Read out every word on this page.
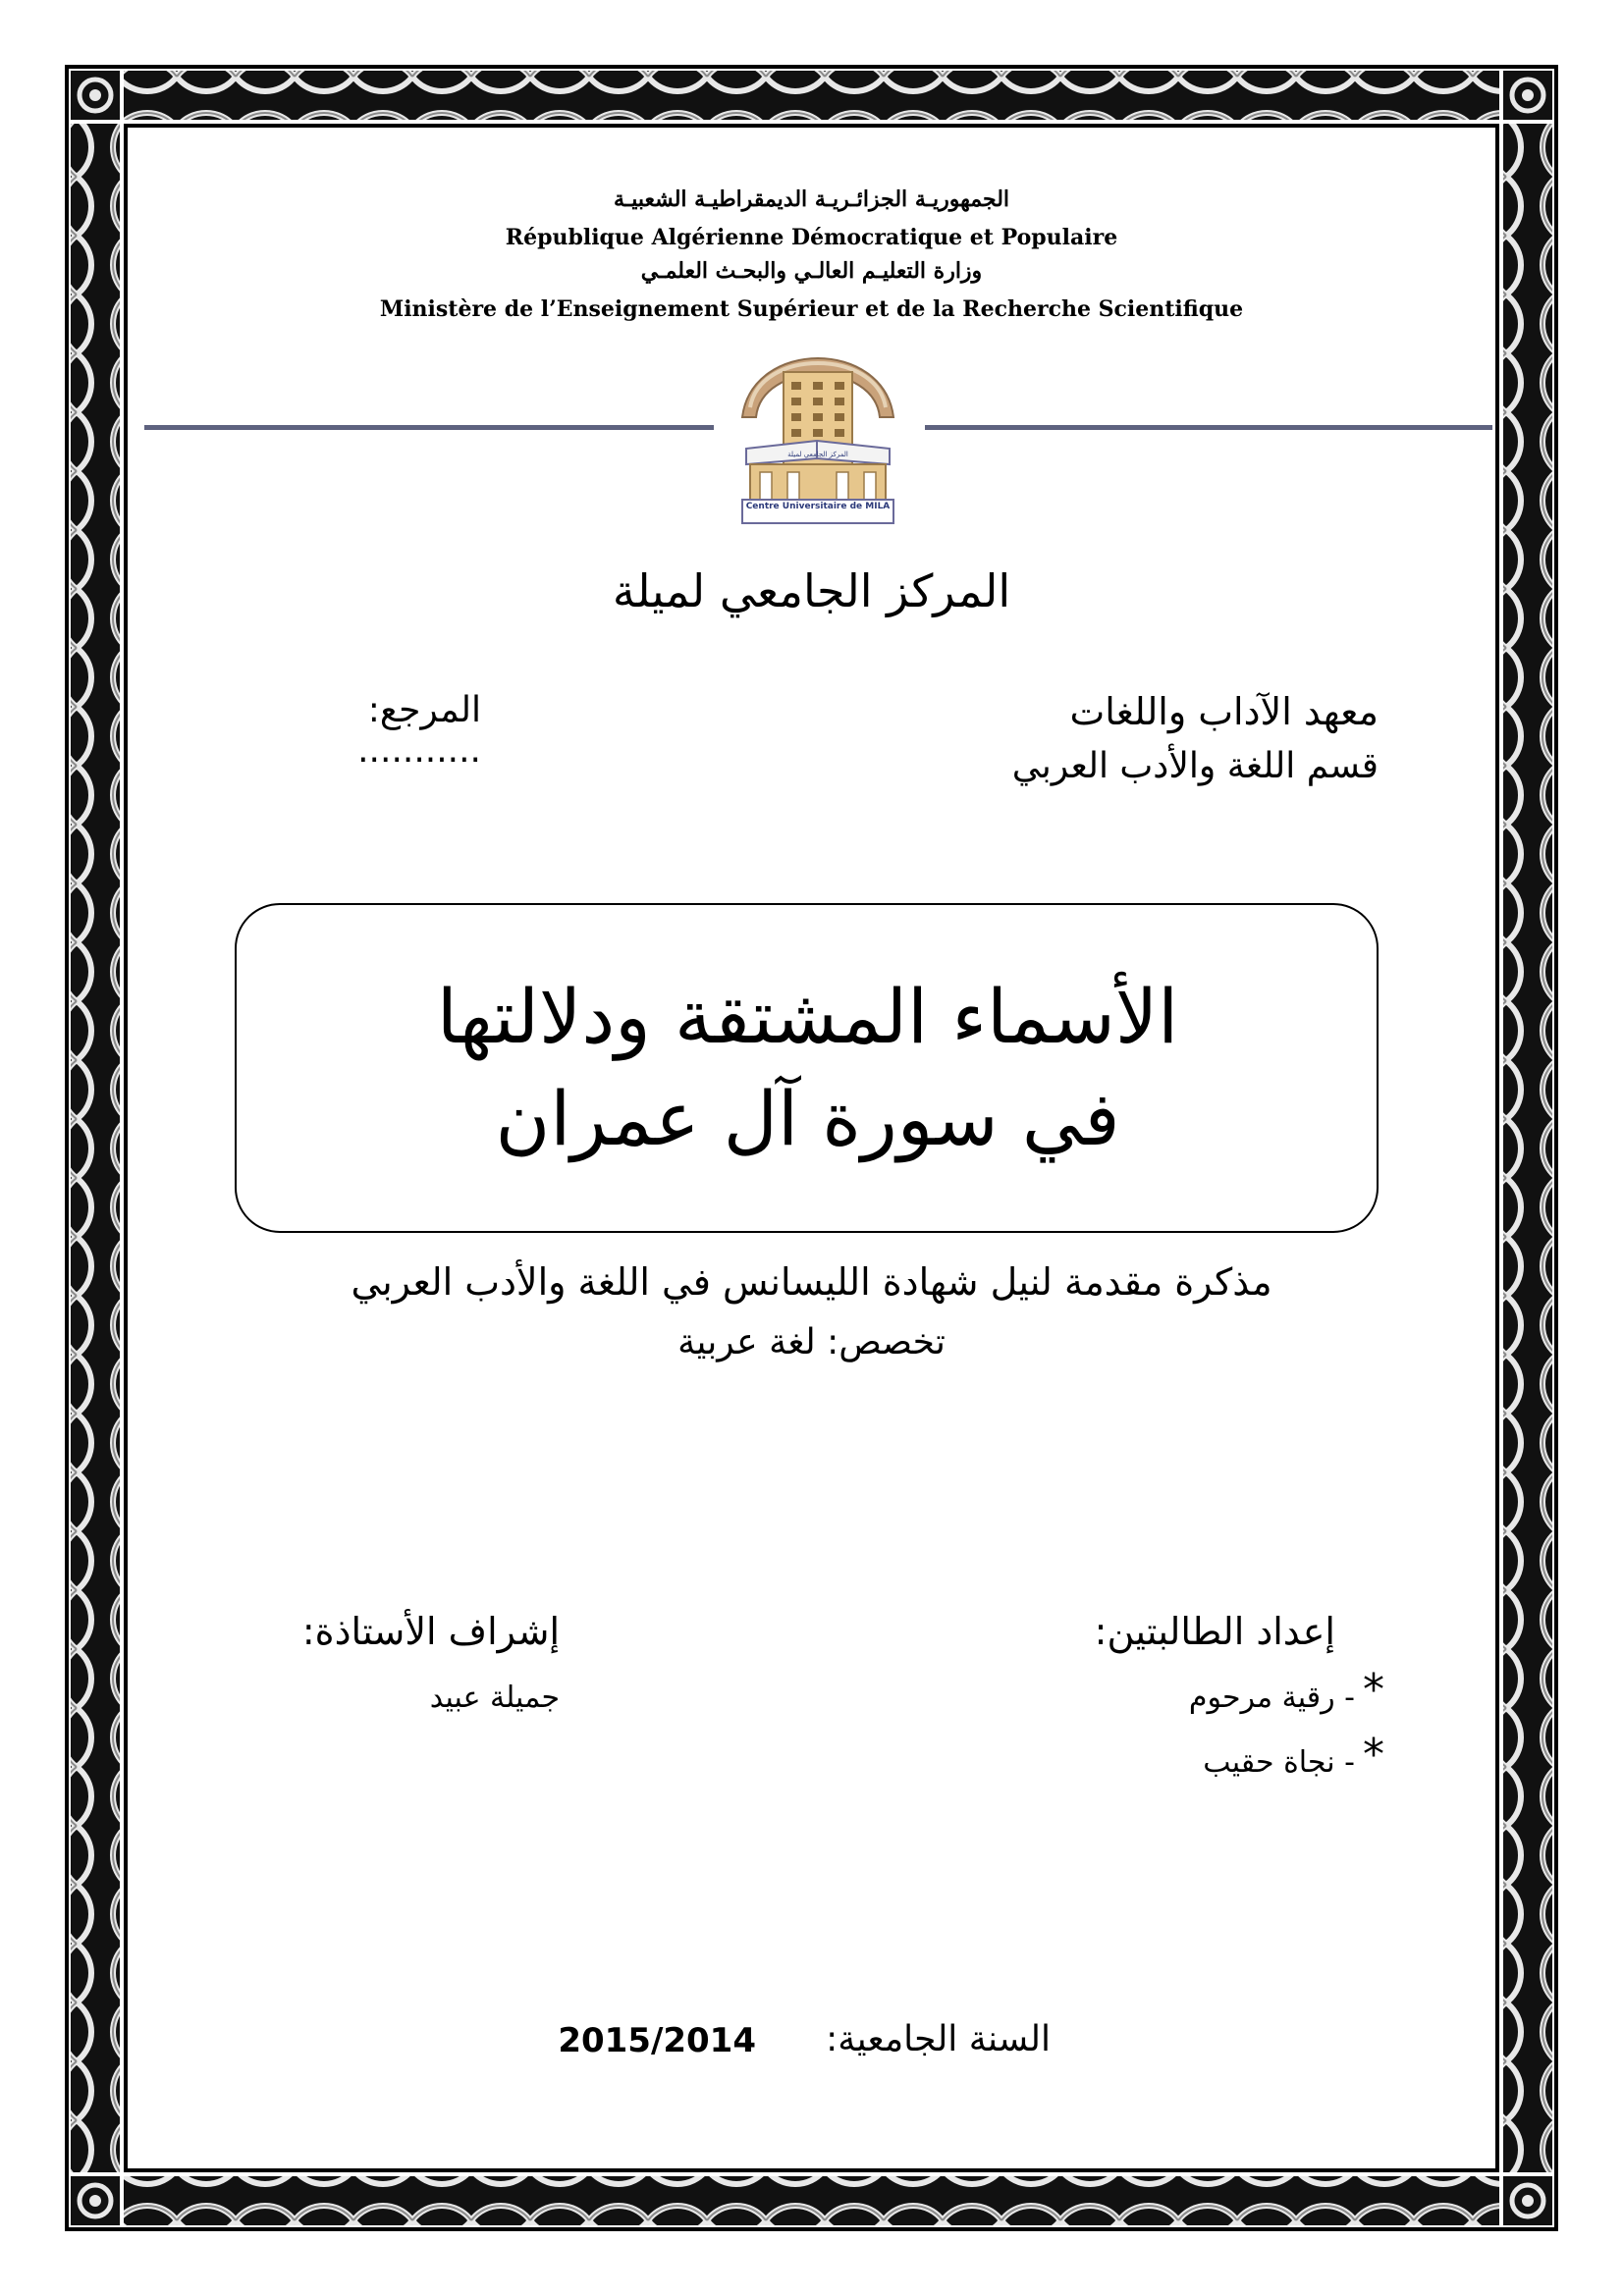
الجمهوريـة الجزائـريـة الديمقراطيـة الشعبيـة
République Algérienne Démocratique et Populaire
وزارة التعليـم العالـي والبحـث العلمـي
Ministère de l’Enseignement Supérieur et de la Recherche Scientifique
Centre Universitaire de MILA
المركز الجامعي لميلة
المركز الجامعي لميلة
معهد الآداب واللغات
قسم اللغة والأدب العربي
المرجع: ...........
الأسماء المشتقة ودلالتها
في سورة آل عمران
مذكرة مقدمة لنيل شهادة الليسانس في اللغة والأدب العربي
تخصص: لغة عربية
إعداد الطالبتين:
*
- رقية مرحوم
*
- نجاة حقيب
إشراف الأستاذة:
جميلة عبيد
السنة الجامعية:
2015/2014
